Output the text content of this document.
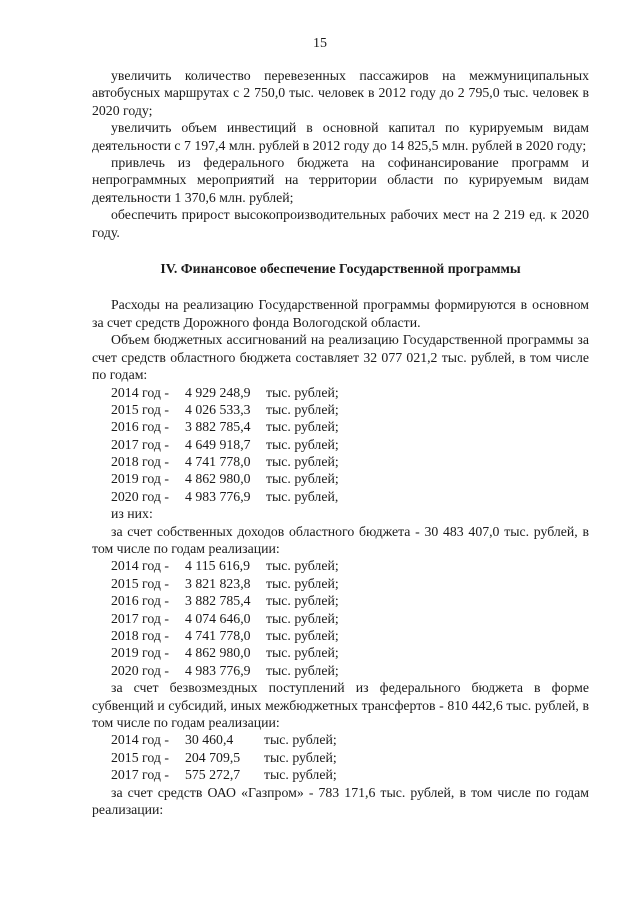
15

увеличить количество перевезенных пассажиров на межмуниципальных автобусных маршрутах с 2 750,0 тыс. человек в 2012 году до 2 795,0 тыс. человек в 2020 году;

увеличить объем инвестиций в основной капитал по курируемым видам деятельности с 7 197,4 млн. рублей в 2012 году до 14 825,5 млн. рублей в 2020 году;

привлечь из федерального бюджета на софинансирование программ и непрограммных мероприятий на территории области по курируемым видам деятельности 1 370,6 млн. рублей;

обеспечить прирост высокопроизводительных рабочих мест на 2 219 ед. к 2020 году.

IV. Финансовое обеспечение Государственной программы

Расходы на реализацию Государственной программы формируются в основном за счет средств Дорожного фонда Вологодской области.

Объем бюджетных ассигнований на реализацию Государственной программы за счет средств областного бюджета составляет 32 077 021,2 тыс. рублей, в том числе по годам:

2014 год -	4 929 248,9	тыс. рублей;
2015 год -	4 026 533,3	тыс. рублей;
2016 год -	3 882 785,4	тыс. рублей;
2017 год -	4 649 918,7	тыс. рублей;
2018 год -	4 741 778,0	тыс. рублей;
2019 год -	4 862 980,0	тыс. рублей;
2020 год -	4 983 776,9	тыс. рублей,

из них:

за счет собственных доходов областного бюджета - 30 483 407,0 тыс. рублей, в том числе по годам реализации:

2014 год -	4 115 616,9	тыс. рублей;
2015 год -	3 821 823,8	тыс. рублей;
2016 год -	3 882 785,4	тыс. рублей;
2017 год -	4 074 646,0	тыс. рублей;
2018 год -	4 741 778,0	тыс. рублей;
2019 год -	4 862 980,0	тыс. рублей;
2020 год -	4 983 776,9	тыс. рублей;

за счет безвозмездных поступлений из федерального бюджета в форме субвенций и субсидий, иных межбюджетных трансфертов - 810 442,6 тыс. рублей, в том числе по годам реализации:

2014 год -	30 460,4	тыс. рублей;
2015 год -	204 709,5	тыс. рублей;
2017 год -	575 272,7	тыс. рублей;

за счет средств ОАО «Газпром» - 783 171,6 тыс. рублей, в том числе по годам реализации:
